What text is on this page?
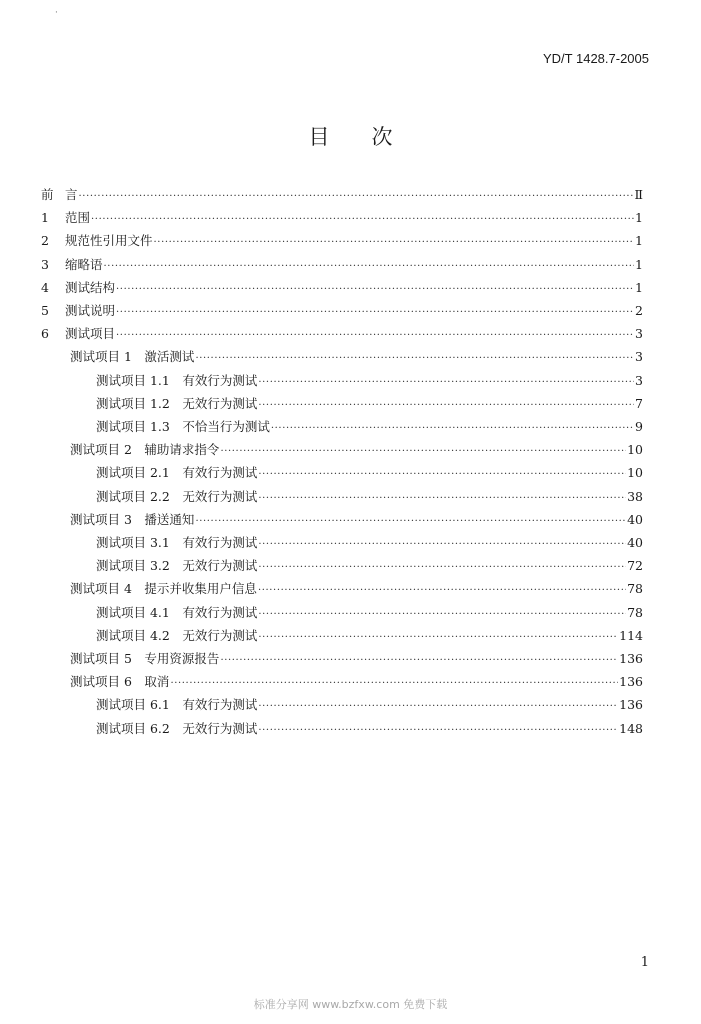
·
YD/T 1428.7-2005
目　　次
前 言 ·····	Ⅱ
1	范围 ·····	1
2	规范性引用文件 ·····	1
3	缩略语 ·····	1
4	测试结构 ·····	1
5	测试说明 ·····	2
6	测试项目 ·····	3
测试项目 1　激活测试 ·····	3
测试项目 1.1　有效行为测试 ·····	3
测试项目 1.2　无效行为测试 ·····	7
测试项目 1.3　不恰当行为测试 ·····	9
测试项目 2　辅助请求指令 ·····	10
测试项目 2.1　有效行为测试 ·····	10
测试项目 2.2　无效行为测试 ·····	38
测试项目 3　播送通知 ·····	40
测试项目 3.1　有效行为测试 ·····	40
测试项目 3.2　无效行为测试 ·····	72
测试项目 4　提示并收集用户信息 ·····	78
测试项目 4.1　有效行为测试 ·····	78
测试项目 4.2　无效行为测试 ·····	114
测试项目 5　专用资源报告 ·····	136
测试项目 6　取消 ·····	136
测试项目 6.1　有效行为测试 ·····	136
测试项目 6.2　无效行为测试 ·····	148
1
标准分享网 www.bzfxw.com 免费下载
